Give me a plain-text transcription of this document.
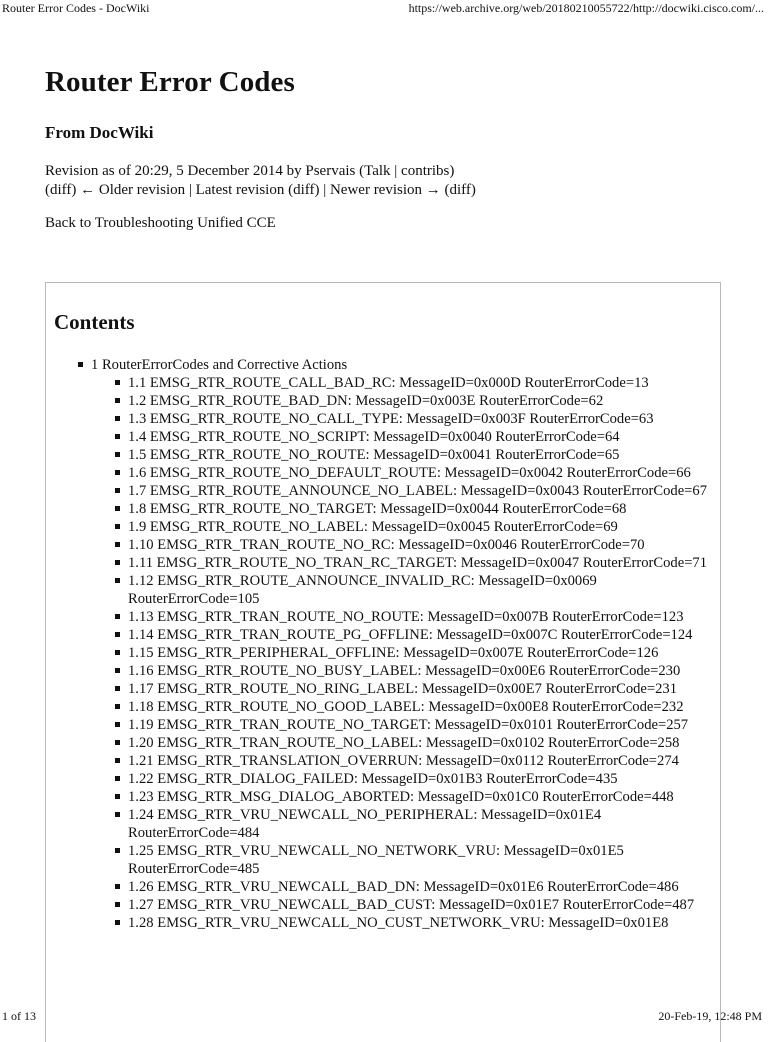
Router Error Codes - DocWiki	https://web.archive.org/web/20180210055722/http://docwiki.cisco.com/...
Router Error Codes
From DocWiki
Revision as of 20:29, 5 December 2014 by Pservais (Talk | contribs)
(diff) ← Older revision | Latest revision (diff) | Newer revision → (diff)
Back to Troubleshooting Unified CCE
Contents
1 RouterErrorCodes and Corrective Actions
1.1 EMSG_RTR_ROUTE_CALL_BAD_RC: MessageID=0x000D RouterErrorCode=13
1.2 EMSG_RTR_ROUTE_BAD_DN: MessageID=0x003E RouterErrorCode=62
1.3 EMSG_RTR_ROUTE_NO_CALL_TYPE: MessageID=0x003F RouterErrorCode=63
1.4 EMSG_RTR_ROUTE_NO_SCRIPT: MessageID=0x0040 RouterErrorCode=64
1.5 EMSG_RTR_ROUTE_NO_ROUTE: MessageID=0x0041 RouterErrorCode=65
1.6 EMSG_RTR_ROUTE_NO_DEFAULT_ROUTE: MessageID=0x0042 RouterErrorCode=66
1.7 EMSG_RTR_ROUTE_ANNOUNCE_NO_LABEL: MessageID=0x0043 RouterErrorCode=67
1.8 EMSG_RTR_ROUTE_NO_TARGET: MessageID=0x0044 RouterErrorCode=68
1.9 EMSG_RTR_ROUTE_NO_LABEL: MessageID=0x0045 RouterErrorCode=69
1.10 EMSG_RTR_TRAN_ROUTE_NO_RC: MessageID=0x0046 RouterErrorCode=70
1.11 EMSG_RTR_ROUTE_NO_TRAN_RC_TARGET: MessageID=0x0047 RouterErrorCode=71
1.12 EMSG_RTR_ROUTE_ANNOUNCE_INVALID_RC: MessageID=0x0069 RouterErrorCode=105
1.13 EMSG_RTR_TRAN_ROUTE_NO_ROUTE: MessageID=0x007B RouterErrorCode=123
1.14 EMSG_RTR_TRAN_ROUTE_PG_OFFLINE: MessageID=0x007C RouterErrorCode=124
1.15 EMSG_RTR_PERIPHERAL_OFFLINE: MessageID=0x007E RouterErrorCode=126
1.16 EMSG_RTR_ROUTE_NO_BUSY_LABEL: MessageID=0x00E6 RouterErrorCode=230
1.17 EMSG_RTR_ROUTE_NO_RING_LABEL: MessageID=0x00E7 RouterErrorCode=231
1.18 EMSG_RTR_ROUTE_NO_GOOD_LABEL: MessageID=0x00E8 RouterErrorCode=232
1.19 EMSG_RTR_TRAN_ROUTE_NO_TARGET: MessageID=0x0101 RouterErrorCode=257
1.20 EMSG_RTR_TRAN_ROUTE_NO_LABEL: MessageID=0x0102 RouterErrorCode=258
1.21 EMSG_RTR_TRANSLATION_OVERRUN: MessageID=0x0112 RouterErrorCode=274
1.22 EMSG_RTR_DIALOG_FAILED: MessageID=0x01B3 RouterErrorCode=435
1.23 EMSG_RTR_MSG_DIALOG_ABORTED: MessageID=0x01C0 RouterErrorCode=448
1.24 EMSG_RTR_VRU_NEWCALL_NO_PERIPHERAL: MessageID=0x01E4 RouterErrorCode=484
1.25 EMSG_RTR_VRU_NEWCALL_NO_NETWORK_VRU: MessageID=0x01E5 RouterErrorCode=485
1.26 EMSG_RTR_VRU_NEWCALL_BAD_DN: MessageID=0x01E6 RouterErrorCode=486
1.27 EMSG_RTR_VRU_NEWCALL_BAD_CUST: MessageID=0x01E7 RouterErrorCode=487
1.28 EMSG_RTR_VRU_NEWCALL_NO_CUST_NETWORK_VRU: MessageID=0x01E8
1 of 13	20-Feb-19, 12:48 PM
